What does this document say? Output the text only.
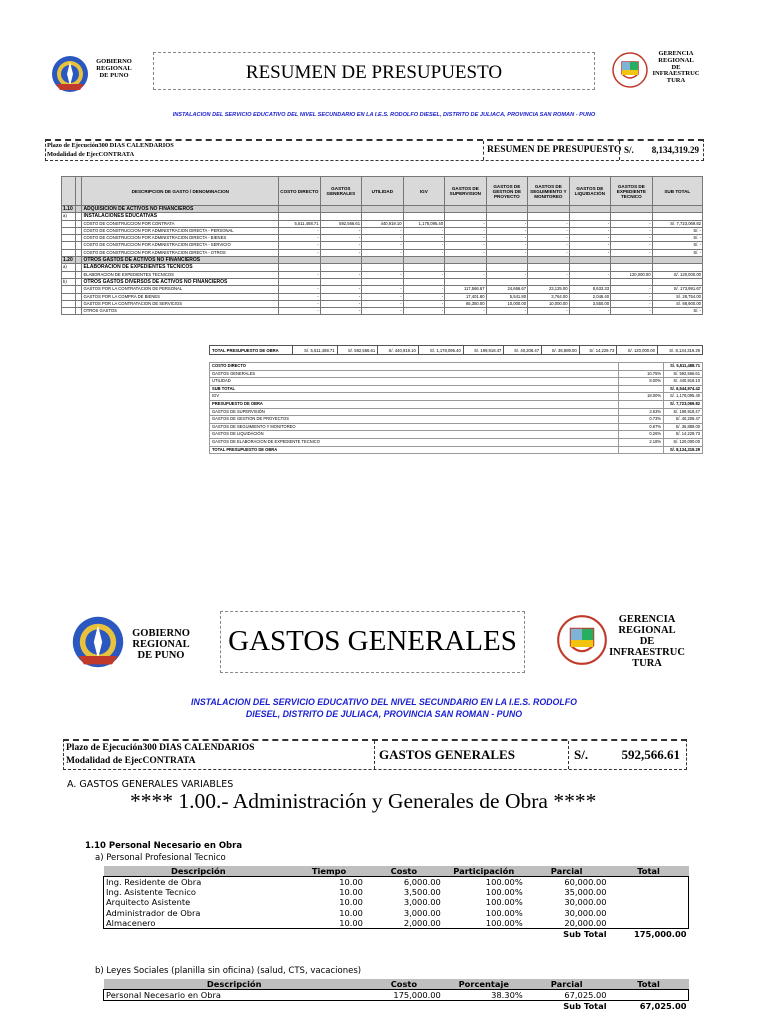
GOBIERNO
REGIONAL
DE PUNO	RESUMEN DE PRESUPUESTO
GERENCIA
REGIONAL
DE
INFRAESTRUC
TURA
INSTALACION DEL SERVICIO EDUCATIVO DEL NIVEL SECUNDARIO EN LA I.E.S. RODOLFO DIESEL, DISTRITO DE JULIACA, PROVINCIA SAN ROMAN - PUNO
Plazo de Ejecución300 DIAS CALENDARIOS
Modalidad de EjecCONTRATA	RESUMEN DE PRESUPUESTO S/. 8,134,319.29
		DESCRIPCION DE GASTO / DENOMINACION	COSTO DIRECTO	GASTOS GENERALES	UTILIDAD	IGV	GASTOS DE SUPERVISION	GASTOS DE GESTION DE PROYECTO	GASTOS DE SEGUIMIENTO Y MONITOREO	GASTOS DE LIQUIDACIÓN	GASTOS DE EXPEDIENTE TECNICO	SUB TOTAL
1.10		ADQUISICION DE ACTIVOS NO FINANCIEROS										
a)		INSTALACIONES EDUCATIVAS										
		COSTO DE CONSTRUCCION POR CONTRATA	5,511,488.71	592,566.61	440,919.10	1,178,095.40	-	-	-	-	-	S/. 7,723,069.82
		COSTO DE CONSTRUCCION POR ADMINISTRACION DIRECTA - PERSONAL	-	-	-	-	-	-	-	-	-	S/. -
		COSTO DE CONSTRUCCION POR ADMINISTRACION DIRECTA - BIENES	-	-	-	-	-	-	-	-	-	S/. -
		COSTO DE CONSTRUCCION POR ADMINISTRACION DIRECTA - SERVICIO	-	-	-	-	-	-	-	-	-	S/. -
		COSTO DE CONSTRUCCION POR ADMINISTRACION DIRECTA - OTROS	-	-	-	-	-	-	-	-	-	S/. -
1.20		OTROS GASTOS DE ACTIVOS NO FINANCIEROS										
a)		ELABORACION DE EXPEDIENTES TECNICOS										
		ELABORACION DE EXPEDIENTES TECNICOS	-	-	-	-	-	-	-	-	120,000.00	S/. 120,000.00
b)		OTROS GASTOS DIVERSOS DE ACTIVOS NO FINANCIEROS										
		GASTOS POR LA CONTRATACION DE PERSONAL	-	-	-	-	117,566.67	24,666.67	23,125.00	8,633.33	-	S/. 173,991.67
		GASTOS POR LA COMPRA DE BIENES	-	-	-	-	17,401.80	5,541.80	3,764.00	2,046.40	-	S/. 28,754.00
		GASTOS POR LA CONTRATACION DE SERVICIOS	-	-	-	-	65,350.00	10,000.00	10,000.00	3,550.00	-	S/. 88,900.00
		OTROS GASTOS	-	-	-	-	-	-	-	-	-	S/. -
TOTAL PRESUPUESTO DE OBRA	S/. 5,511,488.71	S/. 592,566.61	S/. 440,919.10	S/. 1,178,095.40	S/. 199,918.47	S/. 40,208.47	S/. 36,889.00	S/. 14,229.73	S/. 120,000.00	S/. 8,134,319.29
COSTO DIRECTO		S/. 5,511,488.71
GASTOS GENERALES	10.75%	S/. 592,566.61
UTILIDAD	8.00%	S/. 440,919.10
SUB TOTAL		S/. 6,544,974.42
IGV	18.00%	S/. 1,178,095.40
PRESUPUESTO DE OBRA		S/. 7,723,069.82
GASTOS DE SUPERVISIÓN	3.63%	S/. 199,918.47
GASTOS DE GESTION DE PROYECTOS	0.73%	S/. 40,208.47
GASTOS DE SEGUIMIENTO Y MONITOREO	0.67%	S/. 36,889.00
GASTOS DE LIQUIDACIÓN	0.26%	S/. 14,229.73
GASTOS DE ELABORACION DE EXPEDIENTE TECNICO	2.18%	S/. 120,000.00
TOTAL PRESUPUESTO DE OBRA		S/. 8,134,319.29
GOBIERNO
REGIONAL
DE PUNO	GASTOS GENERALES
GERENCIA
REGIONAL
DE
INFRAESTRUC
TURA
INSTALACION DEL SERVICIO EDUCATIVO DEL NIVEL SECUNDARIO EN LA I.E.S. RODOLFO
DIESEL, DISTRITO DE JULIACA, PROVINCIA SAN ROMAN - PUNO
Plazo de Ejecución300 DIAS CALENDARIOS
Modalidad de EjecCONTRATA	GASTOS GENERALES	S/.	592,566.61
A. GASTOS GENERALES VARIABLES
**** 1.00.- Administración y Generales de Obra ****
1.10 Personal Necesario en Obra
a) Personal Profesional Tecnico
Descripción	Tiempo	Costo	Participación	Parcial	Total
Ing. Residente de Obra	10.00	6,000.00	100.00%	60,000.00	
Ing. Asistente Tecnico	10.00	3,500.00	100.00%	35,000.00	
Arquitecto Asistente	10.00	3,000.00	100.00%	30,000.00	
Administrador de Obra	10.00	3,000.00	100.00%	30,000.00	
Almacenero	10.00	2,000.00	100.00%	20,000.00	
				Sub Total	175,000.00
b) Leyes Sociales (planilla sin oficina) (salud, CTS, vacaciones)
Descripción	Costo	Porcentaje	Parcial	Total
Personal Necesario en Obra	175,000.00	38.30%	67,025.00	
			Sub Total	67,025.00
